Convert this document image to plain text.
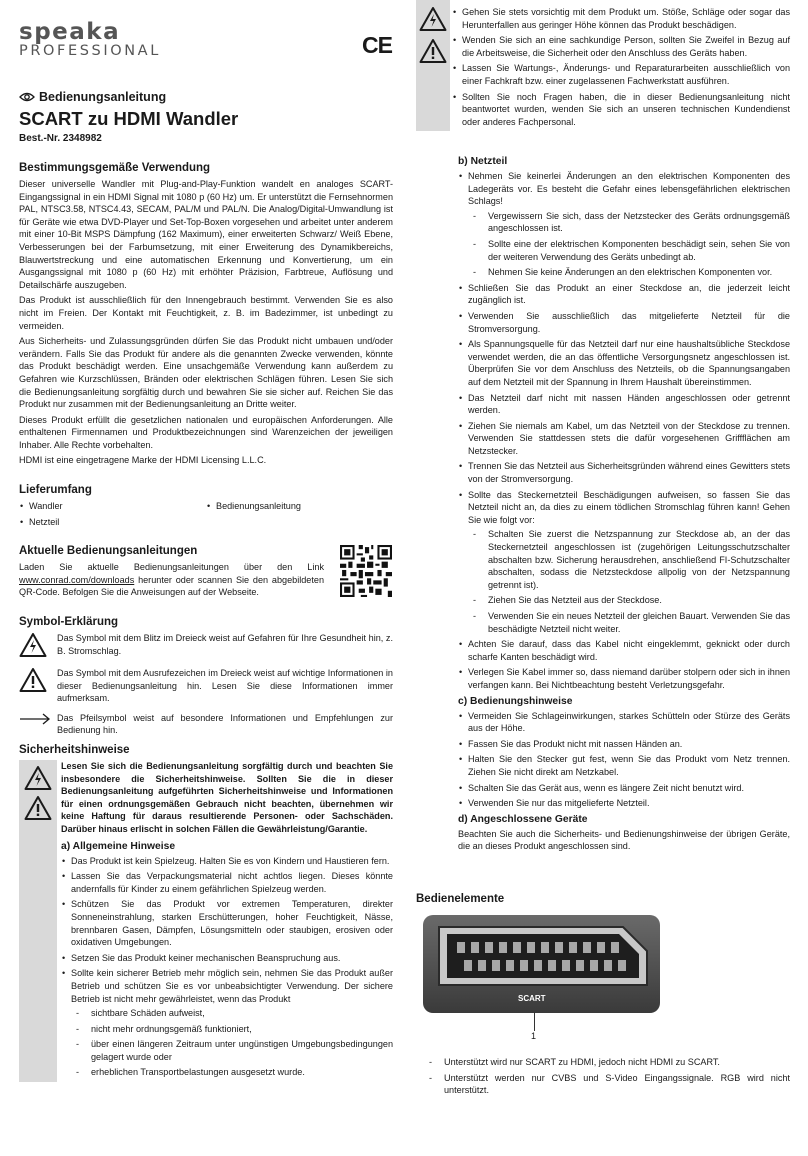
speaka
PROFESSIONAL	CE
Bedienungsanleitung
SCART zu HDMI Wandler
Best.-Nr. 2348982
Bestimmungsgemäße Verwendung

Dieser universelle Wandler mit Plug-and-Play-Funktion wandelt en analoges SCART-Eingangssignal in ein HDMI Signal mit 1080 p (60 Hz) um. Er unterstützt die Fernsehnormen PAL, NTSC3.58, NTSC4.43, SECAM, PAL/M und PAL/N. Die Analog/Digital-Umwandlung ist für Geräte wie etwa DVD-Player und Set-Top-Boxen vorgesehen und arbeitet unter anderem mit einer 10-Bit MSPS Dämpfung (162 Maximum), einer erweiterten Schwarz/ Weiß Ebene, Verbesserungen bei der Farbumsetzung, mit einer Erweiterung des Dynamikbereichs, Blauwertstreckung und eine automatischen Erkennung und Konvertierung, um ein Ausgangssignal mit 1080 p (60 Hz) mit erhöhter Präzision, Farbtreue, Auflösung und Detailschärfe auszugeben.

Das Produkt ist ausschließlich für den Innengebrauch bestimmt. Verwenden Sie es also nicht im Freien. Der Kontakt mit Feuchtigkeit, z. B. im Badezimmer, ist unbedingt zu vermeiden.

Aus Sicherheits- und Zulassungsgründen dürfen Sie das Produkt nicht umbauen und/oder verändern. Falls Sie das Produkt für andere als die genannten Zwecke verwenden, könnte das Produkt beschädigt werden. Eine unsachgemäße Verwendung kann außerdem zu Gefahren wie Kurzschlüssen, Bränden oder elektrischen Schlägen führen. Lesen Sie sich die Bedienungsanleitung sorgfältig durch und bewahren Sie sie sicher auf. Reichen Sie das Produkt nur zusammen mit der Bedienungsanleitung an Dritte weiter.

Dieses Produkt erfüllt die gesetzlichen nationalen und europäischen Anforderungen. Alle enthaltenen Firmennamen und Produktbezeichnungen sind Warenzeichen der jeweiligen Inhaber. Alle Rechte vorbehalten.

HDMI ist eine eingetragene Marke der HDMI Licensing L.L.C.

Lieferumfang
• Wandler
• Netzteil
• Bedienungsanleitung
Aktuelle Bedienungsanleitungen

Laden Sie aktuelle Bedienungsanleitungen über den Link www.conrad.com/downloads herunter oder scannen Sie den abgebildeten QR-Code. Befolgen Sie die Anweisungen auf der Webseite.

Symbol-Erklärung

Das Symbol mit dem Blitz im Dreieck weist auf Gefahren für Ihre Gesundheit hin, z. B. Stromschlag.

Das Symbol mit dem Ausrufezeichen im Dreieck weist auf wichtige Informationen in dieser Bedienungsanleitung hin. Lesen Sie diese Informationen immer aufmerksam.

Das Pfeilsymbol weist auf besondere Informationen und Empfehlungen zur Bedienung hin.

Sicherheitshinweise

Lesen Sie sich die Bedienungsanleitung sorgfältig durch und beachten Sie insbesondere die Sicherheitshinweise. Sollten Sie die in dieser Bedienungsanleitung aufgeführten Sicherheitshinweise und Informationen für einen ordnungsgemäßen Gebrauch nicht beachten, übernehmen wir keine Haftung für daraus resultierende Personen- oder Sachschäden. Darüber hinaus erlischt in solchen Fällen die Gewährleistung/Garantie.

a) Allgemeine Hinweise
• Das Produkt ist kein Spielzeug. Halten Sie es von Kindern und Haustieren fern.
• Lassen Sie das Verpackungsmaterial nicht achtlos liegen. Dieses könnte andernfalls für Kinder zu einem gefährlichen Spielzeug werden.
• Schützen Sie das Produkt vor extremen Temperaturen, direkter Sonneneinstrahlung, starken Erschütterungen, hoher Feuchtigkeit, Nässe, brennbaren Gasen, Dämpfen, Lösungsmitteln oder staubigen, erosiven oder oxidativen Umgebungen.
• Setzen Sie das Produkt keiner mechanischen Beanspruchung aus.
• Sollte kein sicherer Betrieb mehr möglich sein, nehmen Sie das Produkt außer Betrieb und schützen Sie es vor unbeabsichtigter Verwendung. Der sichere Betrieb ist nicht mehr gewährleistet, wenn das Produkt
- sichtbare Schäden aufweist,
- nicht mehr ordnungsgemäß funktioniert,
- über einen längeren Zeitraum unter ungünstigen Umgebungsbedingungen gelagert wurde oder
- erheblichen Transportbelastungen ausgesetzt wurde.
• Gehen Sie stets vorsichtig mit dem Produkt um. Stöße, Schläge oder sogar das Herunterfallen aus geringer Höhe können das Produkt beschädigen.
• Wenden Sie sich an eine sachkundige Person, sollten Sie Zweifel in Bezug auf die Arbeitsweise, die Sicherheit oder den Anschluss des Geräts haben.
• Lassen Sie Wartungs-, Änderungs- und Reparaturarbeiten ausschließlich von einer Fachkraft bzw. einer zugelassenen Fachwerkstatt ausführen.
• Sollten Sie noch Fragen haben, die in dieser Bedienungsanleitung nicht beantwortet wurden, wenden Sie sich an unseren technischen Kundendienst oder anderes Fachpersonal.
b) Netzteil
• Nehmen Sie keinerlei Änderungen an den elektrischen Komponenten des Ladegeräts vor. Es besteht die Gefahr eines lebensgefährlichen elektrischen Schlags!
- Vergewissern Sie sich, dass der Netzstecker des Geräts ordnungsgemäß angeschlossen ist.
- Sollte eine der elektrischen Komponenten beschädigt sein, sehen Sie von der weiteren Verwendung des Geräts unbedingt ab.
- Nehmen Sie keine Änderungen an den elektrischen Komponenten vor.
• Schließen Sie das Produkt an einer Steckdose an, die jederzeit leicht zugänglich ist.
• Verwenden Sie ausschließlich das mitgelieferte Netzteil für die Stromversorgung.
• Als Spannungsquelle für das Netzteil darf nur eine haushaltsübliche Steckdose verwendet werden, die an das öffentliche Versorgungsnetz angeschlossen ist. Überprüfen Sie vor dem Anschluss des Netzteils, ob die Spannungsangaben auf dem Netzteil mit der Spannung in Ihrem Haushalt übereinstimmen.
• Das Netzteil darf nicht mit nassen Händen angeschlossen oder getrennt werden.
• Ziehen Sie niemals am Kabel, um das Netzteil von der Steckdose zu trennen. Verwenden Sie stattdessen stets die dafür vorgesehenen Griffflächen am Netzstecker.
• Trennen Sie das Netzteil aus Sicherheitsgründen während eines Gewitters stets von der Stromversorgung.
• Sollte das Steckernetzteil Beschädigungen aufweisen, so fassen Sie das Netzteil nicht an, da dies zu einem tödlichen Stromschlag führen kann! Gehen Sie wie folgt vor:
- Schalten Sie zuerst die Netzspannung zur Steckdose ab, an der das Steckernetzteil angeschlossen ist (zugehörigen Leitungsschutzschalter abschalten bzw. Sicherung herausdrehen, anschließend FI-Schutzschalter abschalten, sodass die Netzsteckdose allpolig von der Netzspannung getrennt ist).
- Ziehen Sie das Netzteil aus der Steckdose.
- Verwenden Sie ein neues Netzteil der gleichen Bauart. Verwenden Sie das beschädigte Netzteil nicht weiter.
• Achten Sie darauf, dass das Kabel nicht eingeklemmt, geknickt oder durch scharfe Kanten beschädigt wird.
• Verlegen Sie Kabel immer so, dass niemand darüber stolpern oder sich in ihnen verfangen kann. Bei Nichtbeachtung besteht Verletzungsgefahr.
c) Bedienungshinweise
• Vermeiden Sie Schlageinwirkungen, starkes Schütteln oder Stürze des Geräts aus der Höhe.
• Fassen Sie das Produkt nicht mit nassen Händen an.
• Halten Sie den Stecker gut fest, wenn Sie das Produkt vom Netz trennen. Ziehen Sie nicht direkt am Netzkabel.
• Schalten Sie das Gerät aus, wenn es längere Zeit nicht benutzt wird.
• Verwenden Sie nur das mitgelieferte Netzteil.
d) Angeschlossene Geräte

Beachten Sie auch die Sicherheits- und Bedienungshinweise der übrigen Geräte, die an dieses Produkt angeschlossen sind.

Bedienelemente
- Unterstützt wird nur SCART zu HDMI, jedoch nicht HDMI zu SCART.
- Unterstützt werden nur CVBS und S-Video Eingangssignale. RGB wird nicht unterstützt.
SCART
1
